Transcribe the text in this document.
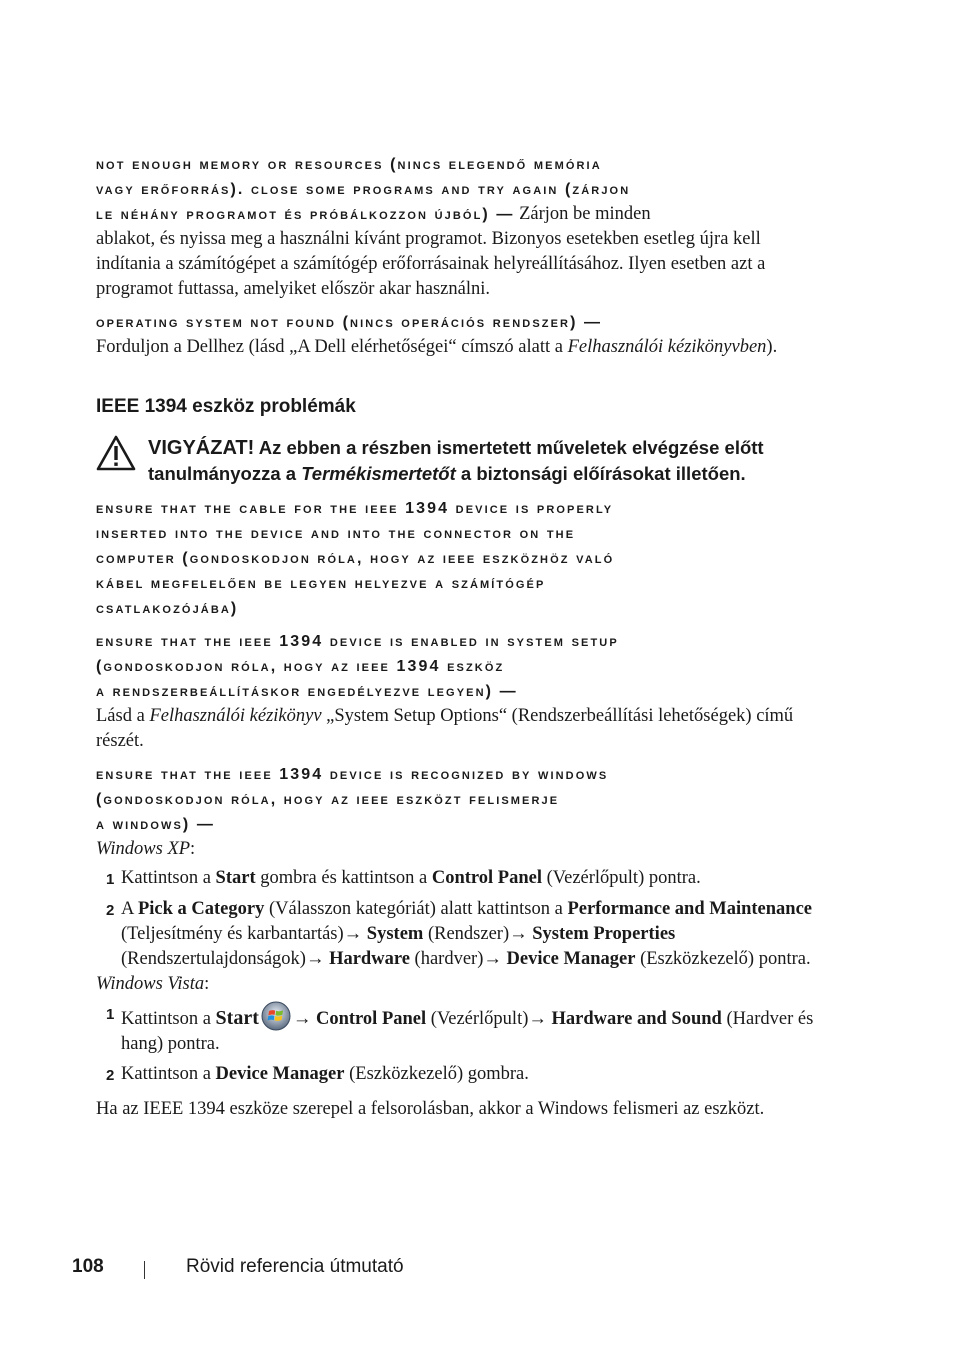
not enough memory or resources (nincs elegendő memória
vagy erőforrás). close some programs and try again (zárjon
le néhány programot és próbálkozzon újból) — Zárjon be minden

ablakot, és nyissa meg a használni kívánt programot. Bizonyos esetekben esetleg újra kell indítania a számítógépet a számítógép erőforrásainak helyreállításához. Ilyen esetben azt a programot futtassa, amelyiket először akar használni.

operating system not found (nincs operációs rendszer) —

Forduljon a Dellhez (lásd „A Dell elérhetőségei“ címszó alatt a Felhasználói kézikönyvben).

IEEE 1394 eszköz problémák
VIGYÁZAT! Az ebben a részben ismertetett műveletek elvégzése előtt tanulmányozza a Termékismertetőt a biztonsági előírásokat illetően.
ensure that the cable for the ieee 1394 device is properly
inserted into the device and into the connector on the
computer (gondoskodjon róla, hogy az ieee eszközhöz való
kábel megfelelően be legyen helyezve a számítógép
csatlakozójába)
ensure that the ieee 1394 device is enabled in system setup
(gondoskodjon róla, hogy az ieee 1394 eszköz
a rendszerbeállításkor engedélyezve legyen) —

Lásd a Felhasználói kézikönyv „System Setup Options“ (Rendszerbeállítási lehetőségek) című részét.

ensure that the ieee 1394 device is recognized by windows
(gondoskodjon róla, hogy az ieee eszközt felismerje
a windows) —

Windows XP:

1 Kattintson a Start gombra és kattintson a Control Panel (Vezérlőpult) pontra.
2 A Pick a Category (Válasszon kategóriát) alatt kattintson a Performance and Maintenance (Teljesítmény és karbantartás)→ System (Rendszer)→ System Properties (Rendszertulajdonságok)→ Hardware (hardver)→ Device Manager (Eszközkezelő) pontra.

Windows Vista:

1 Kattintson a Start → Control Panel (Vezérlőpult)→ Hardware and Sound (Hardver és hang) pontra.
2 Kattintson a Device Manager (Eszközkezelő) gombra.

Ha az IEEE 1394 eszköze szerepel a felsorolásban, akkor a Windows felismeri az eszközt.

108	Rövid referencia útmutató
